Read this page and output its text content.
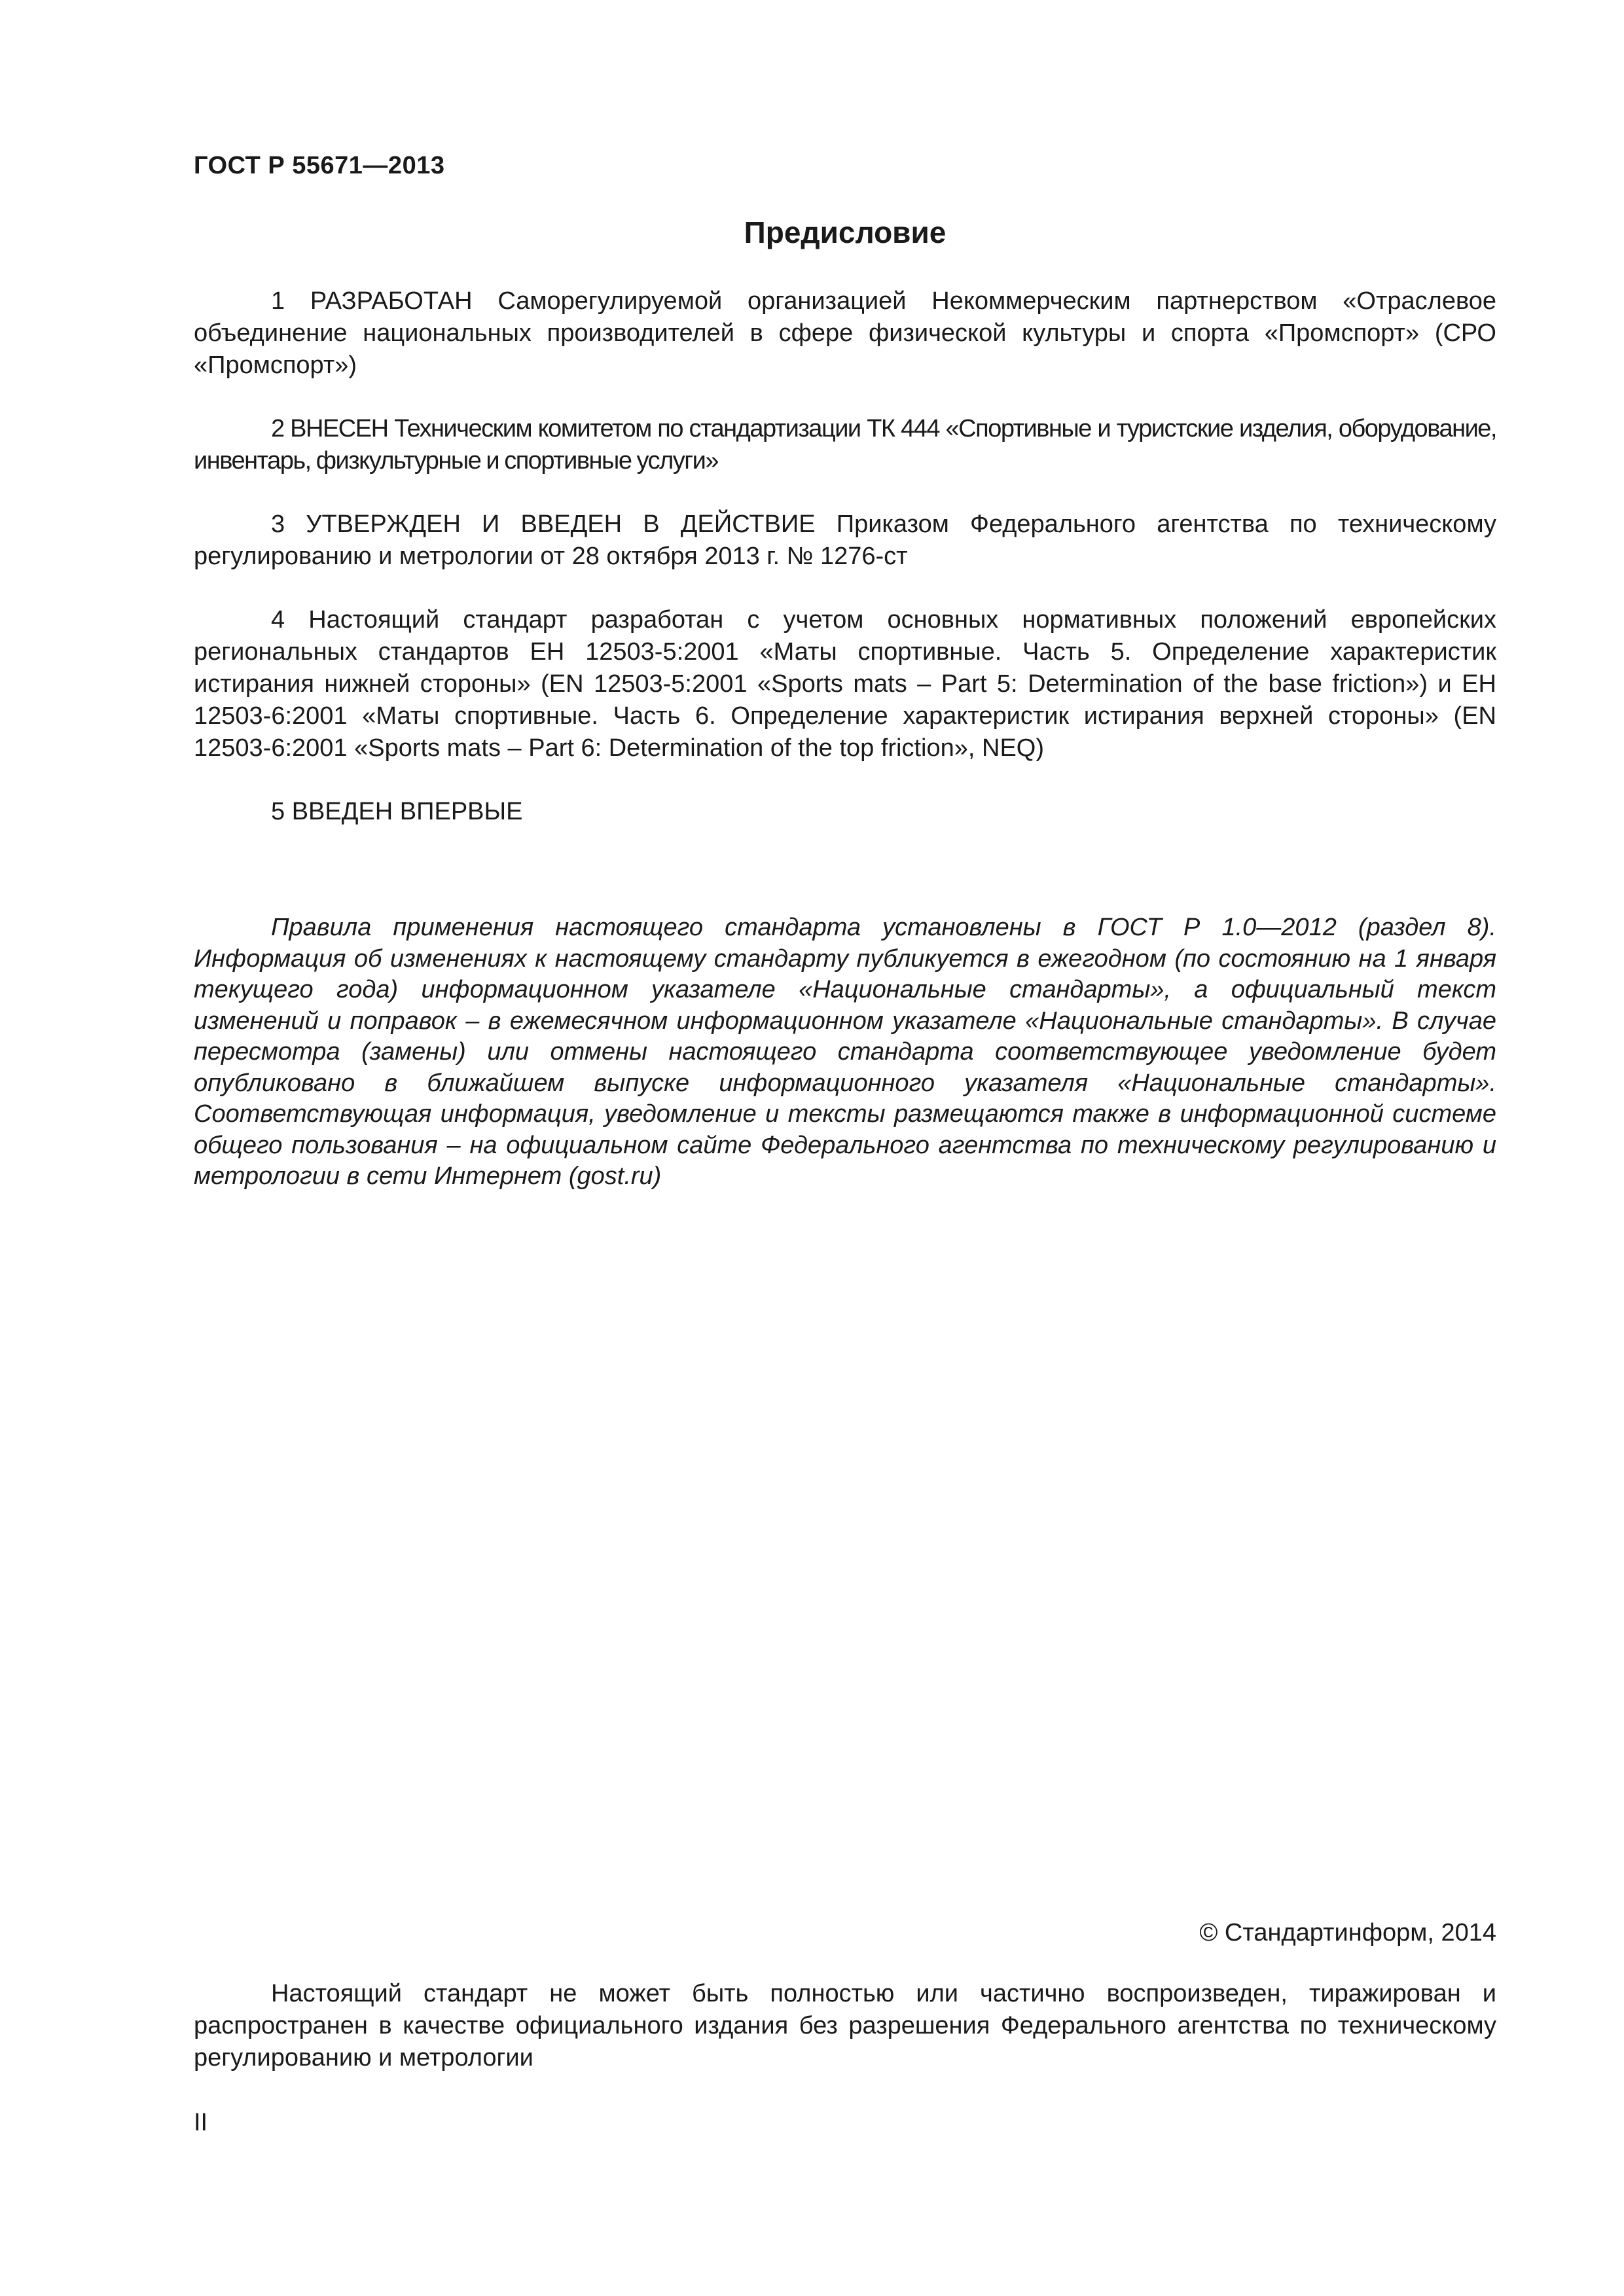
ГОСТ Р 55671—2013
Предисловие

1 РАЗРАБОТАН Саморегулируемой организацией Некоммерческим партнерством «Отраслевое объединение национальных производителей в сфере физической культуры и спорта «Промспорт» (СРО «Промспорт»)

2 ВНЕСЕН Техническим комитетом по стандартизации ТК 444 «Спортивные и туристские изделия, оборудование, инвентарь, физкультурные и спортивные услуги»

3 УТВЕРЖДЕН И ВВЕДЕН В ДЕЙСТВИЕ Приказом Федерального агентства по техническому регулированию и метрологии от 28 октября 2013 г. № 1276-ст

4 Настоящий стандарт разработан с учетом основных нормативных положений европейских региональных стандартов ЕН 12503-5:2001 «Маты спортивные. Часть 5. Определение характеристик истирания нижней стороны» (EN 12503-5:2001 «Sports mats – Part 5: Determination of the base friction») и ЕН 12503-6:2001 «Маты спортивные. Часть 6. Определение характеристик истирания верхней стороны» (EN 12503-6:2001 «Sports mats – Part 6: Determination of the top friction», NEQ)

5 ВВЕДЕН ВПЕРВЫЕ

Правила применения настоящего стандарта установлены в ГОСТ Р 1.0—2012 (раздел 8). Информация об изменениях к настоящему стандарту публикуется в ежегодном (по состоянию на 1 января текущего года) информационном указателе «Национальные стандарты», а официальный текст изменений и поправок – в ежемесячном информационном указателе «Национальные стандарты». В случае пересмотра (замены) или отмены настоящего стандарта соответствующее уведомление будет опубликовано в ближайшем выпуске информационного указателя «Национальные стандарты». Соответствующая информация, уведомление и тексты размещаются также в информационной системе общего пользования – на официальном сайте Федерального агентства по техническому регулированию и метрологии в сети Интернет (gost.ru)

© Стандартинформ, 2014

Настоящий стандарт не может быть полностью или частично воспроизведен, тиражирован и распространен в качестве официального издания без разрешения Федерального агентства по техническому регулированию и метрологии

II
